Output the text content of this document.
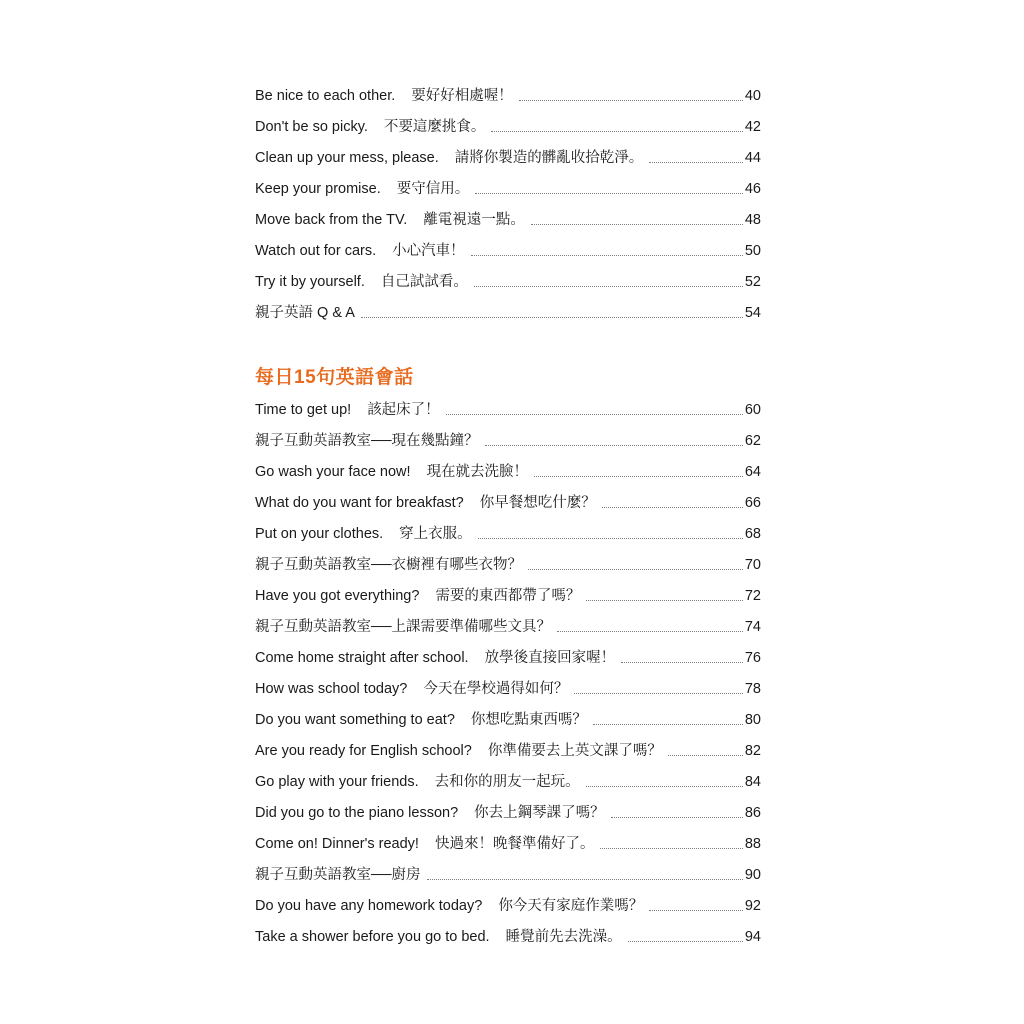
Be nice to each other. 要好好相處喔！	40
Don't be so picky. 不要這麼挑食。	42
Clean up your mess, please. 請將你製造的髒亂收拾乾淨。	44
Keep your promise. 要守信用。	46
Move back from the TV. 離電視遠一點。	48
Watch out for cars. 小心汽車！	50
Try it by yourself. 自己試試看。	52
親子英語 Q & A	54
每日15句英語會話
Time to get up! 該起床了！	60
親子互動英語教室──現在幾點鐘？	62
Go wash your face now! 現在就去洗臉！	64
What do you want for breakfast? 你早餐想吃什麼？	66
Put on your clothes. 穿上衣服。	68
親子互動英語教室──衣櫥裡有哪些衣物？	70
Have you got everything? 需要的東西都帶了嗎？	72
親子互動英語教室──上課需要準備哪些文具？	74
Come home straight after school. 放學後直接回家喔！	76
How was school today? 今天在學校過得如何？	78
Do you want something to eat? 你想吃點東西嗎？	80
Are you ready for English school? 你準備要去上英文課了嗎？	82
Go play with your friends. 去和你的朋友一起玩。	84
Did you go to the piano lesson? 你去上鋼琴課了嗎？	86
Come on! Dinner's ready! 快過來！晚餐準備好了。	88
親子互動英語教室──廚房	90
Do you have any homework today? 你今天有家庭作業嗎？	92
Take a shower before you go to bed. 睡覺前先去洗澡。	94
